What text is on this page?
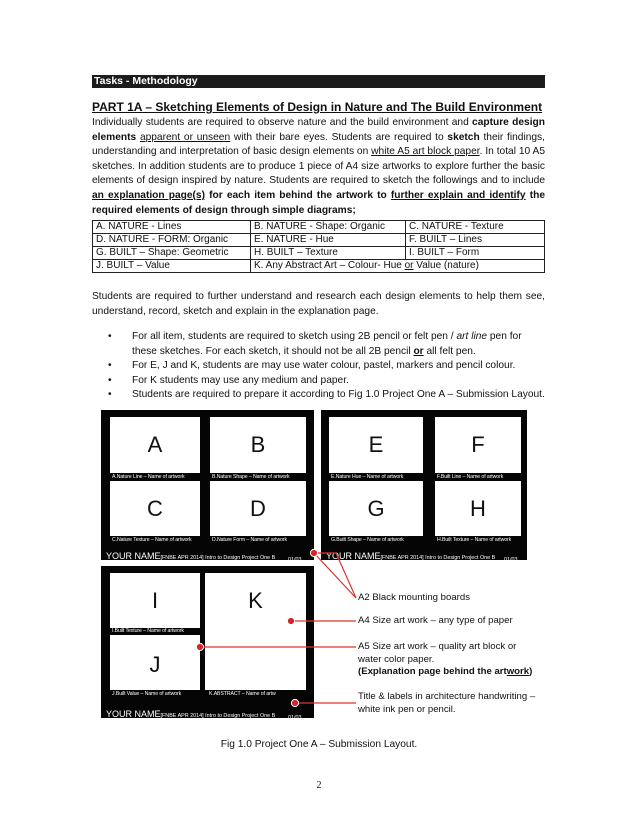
Tasks - Methodology
PART 1A – Sketching Elements of Design in Nature and The Build Environment

Individually students are required to observe nature and the build environment and capture design elements apparent or unseen with their bare eyes. Students are required to sketch their findings, understanding and interpretation of basic design elements on white A5 art block paper. In total 10 A5 sketches. In addition students are to produce 1 piece of A4 size artworks to explore further the basic elements of design inspired by nature. Students are required to sketch the followings and to include an explanation page(s) for each item behind the artwork to further explain and identify the required elements of design through simple diagrams;

A. NATURE - Lines	B. NATURE - Shape: Organic	C. NATURE - Texture
D. NATURE - FORM: Organic	E. NATURE - Hue	F. BUILT – Lines
G. BUILT – Shape: Geometric	H. BUILT – Texture	I. BUILT – Form
J. BUILT – Value	K. Any Abstract Art – Colour- Hue or Value (nature)	

Students are required to further understand and research each design elements to help them see, understand, record, sketch and explain in the explanation page.

• For all item, students are required to sketch using 2B pencil or felt pen / art line pen for these sketches. For each sketch, it should not be all 2B pencil or all felt pen.
• For E, J and K, students are may use water colour, pastel, markers and pencil colour.
• For K students may use any medium and paper.
• Students are required to prepare it according to Fig 1.0 Project One A – Submission Layout.
A
A.Nature Line – Name of artwork
B
B.Nature Shape – Name of artwork
C
C.Nature Texture – Name of artwork
D
D.Nature Form – Name of artwork
YOUR NAME[FNBE APR 2014] Intro to Design Project One B 01/03
E
E.Nature Hue – Name of artwork
F
F.Built Line – Name of artwork
G
G.Built Shape – Name of artwork
H
H.Built Texture – Name of artwork
YOUR NAME[FNBE APR 2014] Intro to Design Project One B 01/03
I
I.Built Texture – Name of artwork
K
K.ABSTRACT – Name of artw
J
J.Built Value – Name of artwork
YOUR NAME[FNBE APR 2014] Intro to Design Project One B 01/03
A2 Black mounting boards
A4 Size art work – any type of paper
A5 Size art work – quality art block or
water color paper.
(Explanation page behind the artwork)
Title & labels in architecture handwriting –
white ink pen or pencil.
Fig 1.0 Project One A – Submission Layout.
2
